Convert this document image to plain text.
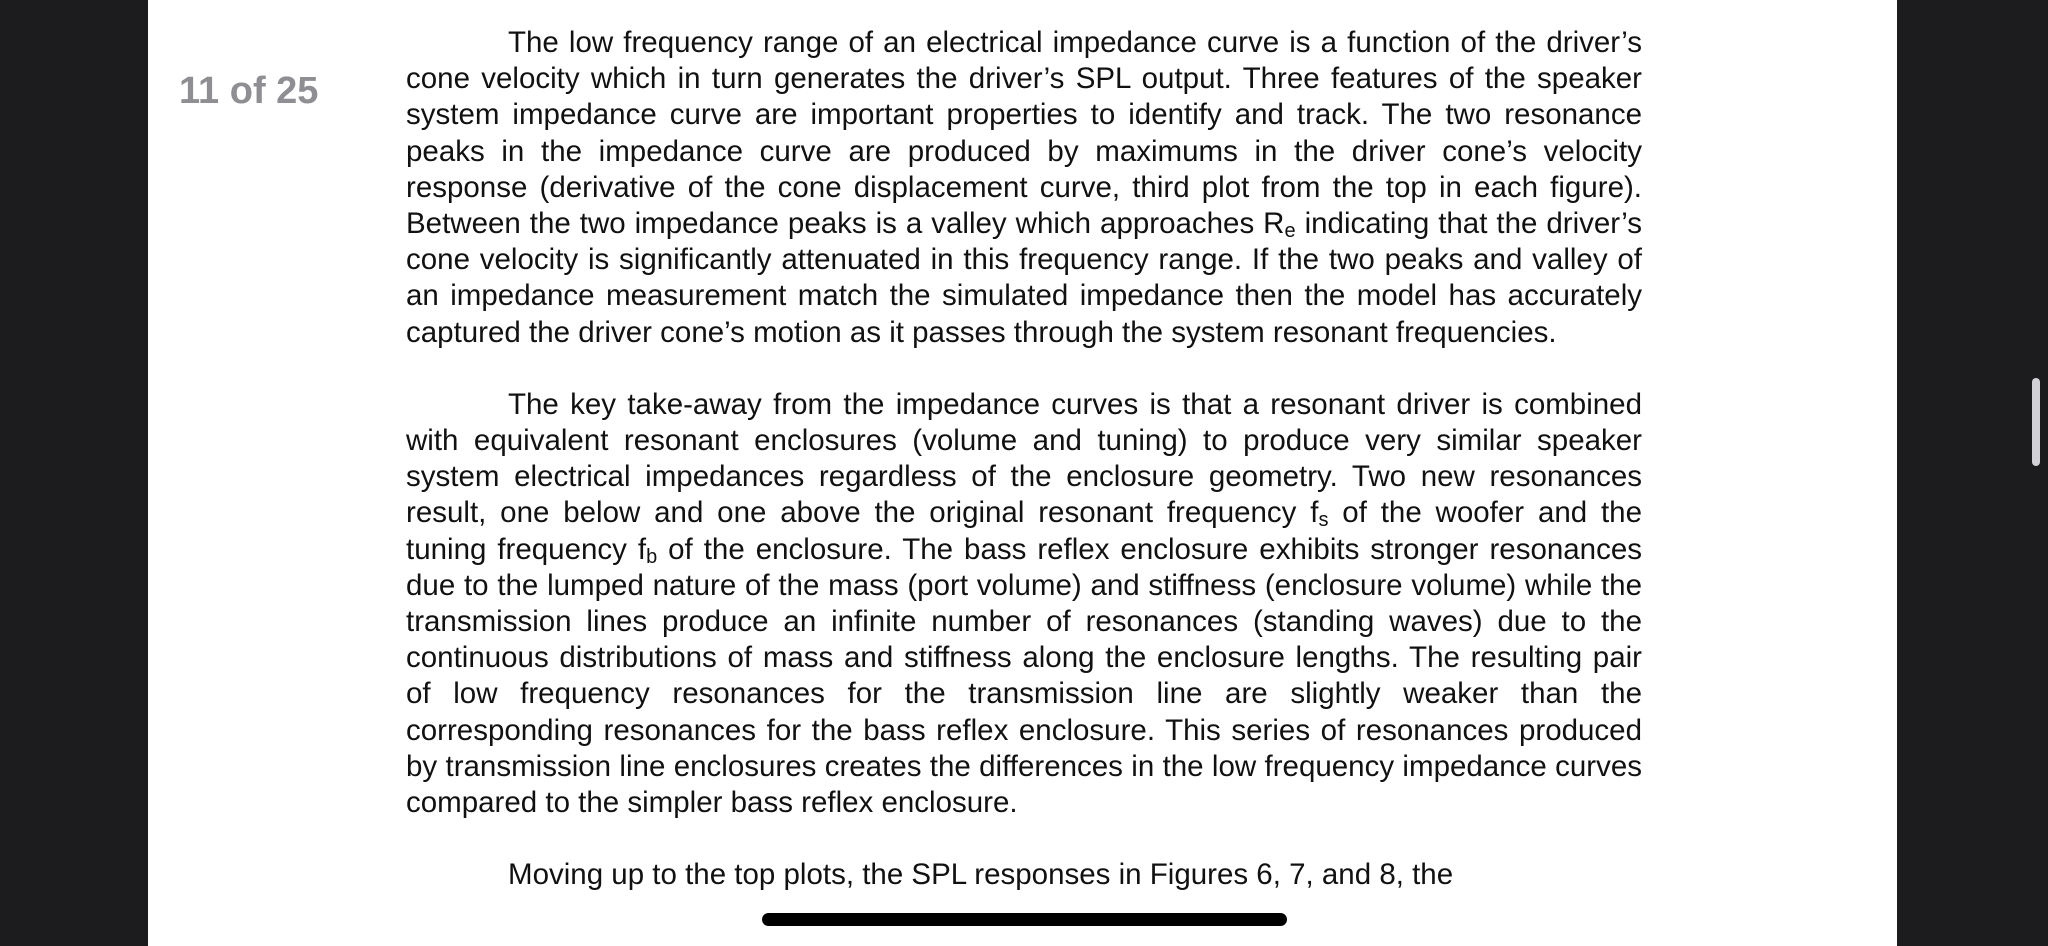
11 of 25

The low frequency range of an electrical impedance curve is a function of the driver’s cone velocity which in turn generates the driver’s SPL output. Three features of the speaker system impedance curve are important properties to identify and track. The two resonance peaks in the impedance curve are produced by maximums in the driver cone’s velocity response (derivative of the cone displacement curve, third plot from the top in each figure). Between the two impedance peaks is a valley which approaches $R_e$ indicating that the driver’s cone velocity is significantly attenuated in this frequency range. If the two peaks and valley of an impedance measurement match the simulated impedance then the model has accurately captured the driver cone’s motion as it passes through the system resonant frequencies.

The key take-away from the impedance curves is that a resonant driver is combined with equivalent resonant enclosures (volume and tuning) to produce very similar speaker system electrical impedances regardless of the enclosure geometry. Two new resonances result, one below and one above the original resonant frequency $f_s$ of the woofer and the tuning frequency $f_b$ of the enclosure. The bass reflex enclosure exhibits stronger resonances due to the lumped nature of the mass (port volume) and stiffness (enclosure volume) while the transmission lines produce an infinite number of resonances (standing waves) due to the continuous distributions of mass and stiffness along the enclosure lengths. The resulting pair of low frequency resonances for the transmission line are slightly weaker than the corresponding resonances for the bass reflex enclosure. This series of resonances produced by transmission line enclosures creates the differences in the low frequency impedance curves compared to the simpler bass reflex enclosure.

Moving up to the top plots, the SPL responses in Figures 6, 7, and 8, the
